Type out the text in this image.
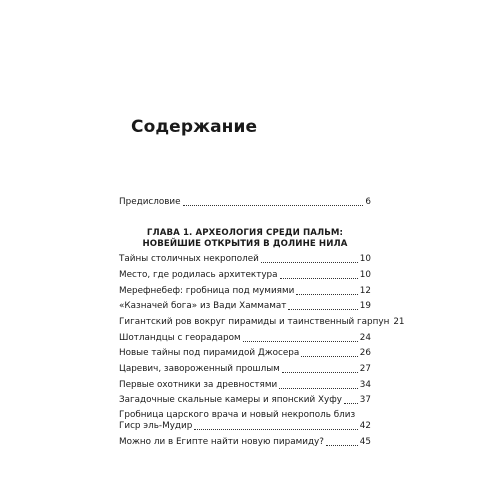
Содержание
Предисловие	6
ГЛАВА 1. АРХЕОЛОГИЯ СРЕДИ ПАЛЬМ:
НОВЕЙШИЕ ОТКРЫТИЯ В ДОЛИНЕ НИЛА
Тайны столичных некрополей	10
Место, где родилась архитектура	10
Мерефнебеф: гробница под мумиями	12
«Казначей бога» из Вади Хаммамат	19
Гигантский ров вокруг пирамиды и таинственный гарпун 21
Шотландцы с георадаром	24
Новые тайны под пирамидой Джосера	26
Царевич, завороженный прошлым	27
Первые охотники за древностями	34
Загадочные скальные камеры и японский Хуфу 37
Гробница царского врача и новый некрополь близ
Гиср эль-Мудир	42
Можно ли в Египте найти новую пирамиду?	45
